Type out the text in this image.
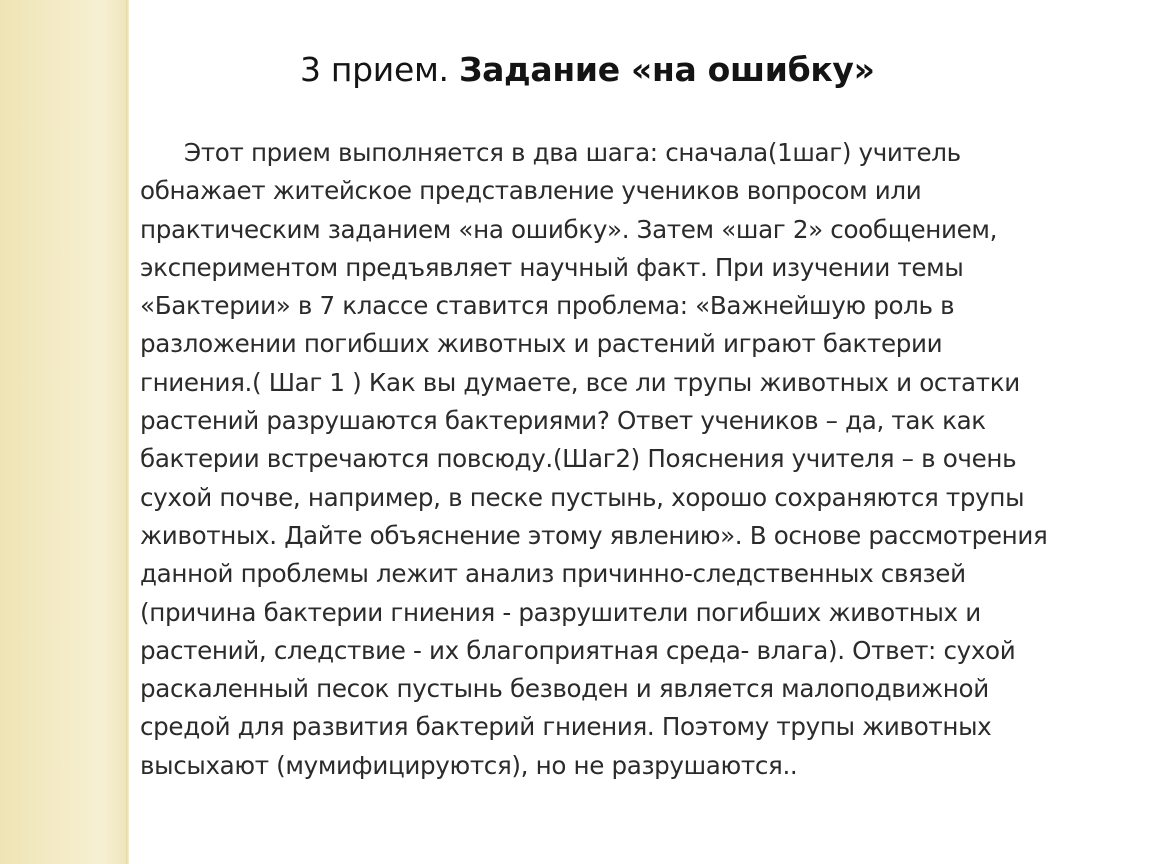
3 прием. Задание «на ошибку»
Этот прием выполняется в два шага: сначала(1шаг) учитель
обнажает житейское представление учеников вопросом или
практическим заданием «на ошибку». Затем «шаг 2» сообщением,
экспериментом предъявляет научный факт. При изучении темы
«Бактерии» в 7 классе ставится проблема: «Важнейшую роль в
разложении погибших животных и растений играют бактерии
гниения.( Шаг 1 ) Как вы думаете, все ли трупы животных и остатки
растений разрушаются бактериями? Ответ учеников – да, так как
бактерии встречаются повсюду.(Шаг2) Пояснения учителя – в очень
сухой почве, например, в песке пустынь, хорошо сохраняются трупы
животных. Дайте объяснение этому явлению». В основе рассмотрения
данной проблемы лежит анализ причинно-следственных связей
(причина бактерии гниения - разрушители погибших животных и
растений, следствие - их благоприятная среда- влага). Ответ: сухой
раскаленный песок пустынь безводен и является малоподвижной
средой для развития бактерий гниения. Поэтому трупы животных
высыхают (мумифицируются), но не разрушаются..
